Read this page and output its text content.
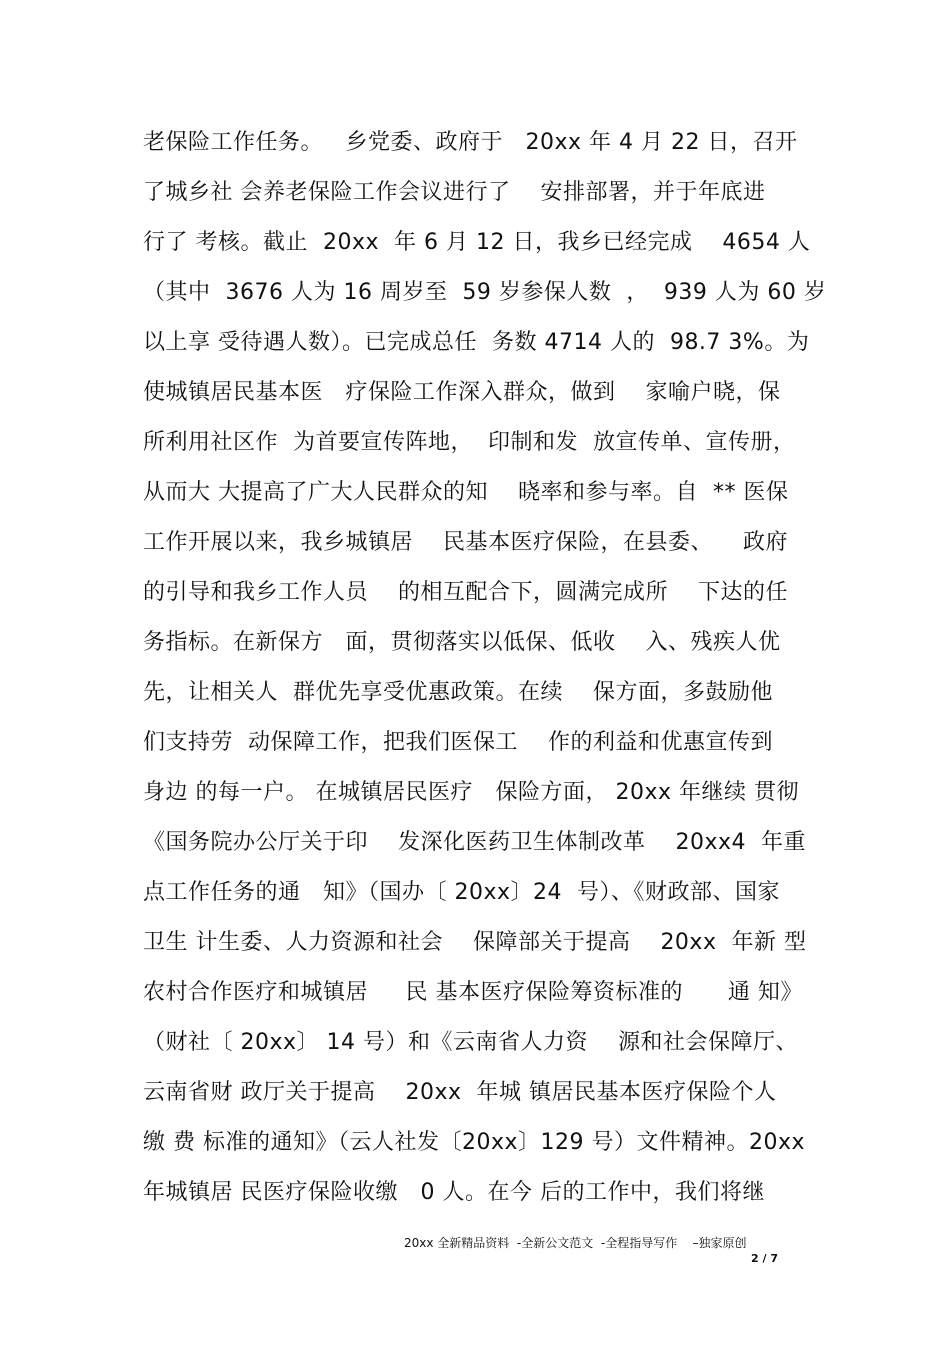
老保险工作任务。   乡党委、政府于   20xx 年 4 月 22 日，召开
了城乡社 会养老保险工作会议进行了    安排部署，并于年底进
行了 考核。截止  20xx  年 6 月 12 日，我乡已经完成    4654 人
（其中  3676 人为 16 周岁至  59 岁参保人数  ，  939 人为 60 岁
以上享 受待遇人数）。已完成总任  务数 4714 人的  98.7 3%。为
使城镇居民基本医   疗保险工作深入群众，做到    家喻户晓，保
所利用社区作  为首要宣传阵地，  印制和发  放宣传单、宣传册，
从而大 大提高了广大人民群众的知    晓率和参与率。自  ** 医保
工作开展以来，我乡城镇居    民基本医疗保险，在县委、    政府
的引导和我乡工作人员    的相互配合下，圆满完成所    下达的任
务指标。在新保方   面，贯彻落实以低保、低收    入、残疾人优
先，让相关人  群优先享受优惠政策。在续    保方面，多鼓励他
们支持劳  动保障工作，把我们医保工    作的利益和优惠宣传到
身边 的每一户。 在城镇居民医疗   保险方面， 20xx 年继续 贯彻
《国务院办公厅关于印    发深化医药卫生体制改革    20xx4  年重
点工作任务的通   知》（国办〔 20xx〕24  号）、《财政部、国家
卫生 计生委、人力资源和社会    保障部关于提高    20xx  年新 型
农村合作医疗和城镇居     民 基本医疗保险筹资标准的      通 知》
（财社〔 20xx〕 14 号）和《云南省人力资    源和社会保障厅、
云南省财 政厅关于提高    20xx  年城 镇居民基本医疗保险个人
缴 费 标准的通知》（云人社发〔20xx〕129 号）文件精神。20xx
年城镇居 民医疗保险收缴   0 人。在今 后的工作中，我们将继
20xx 全新精品资料  -全新公文范文  -全程指导写作    –独家原创
2 / 7
